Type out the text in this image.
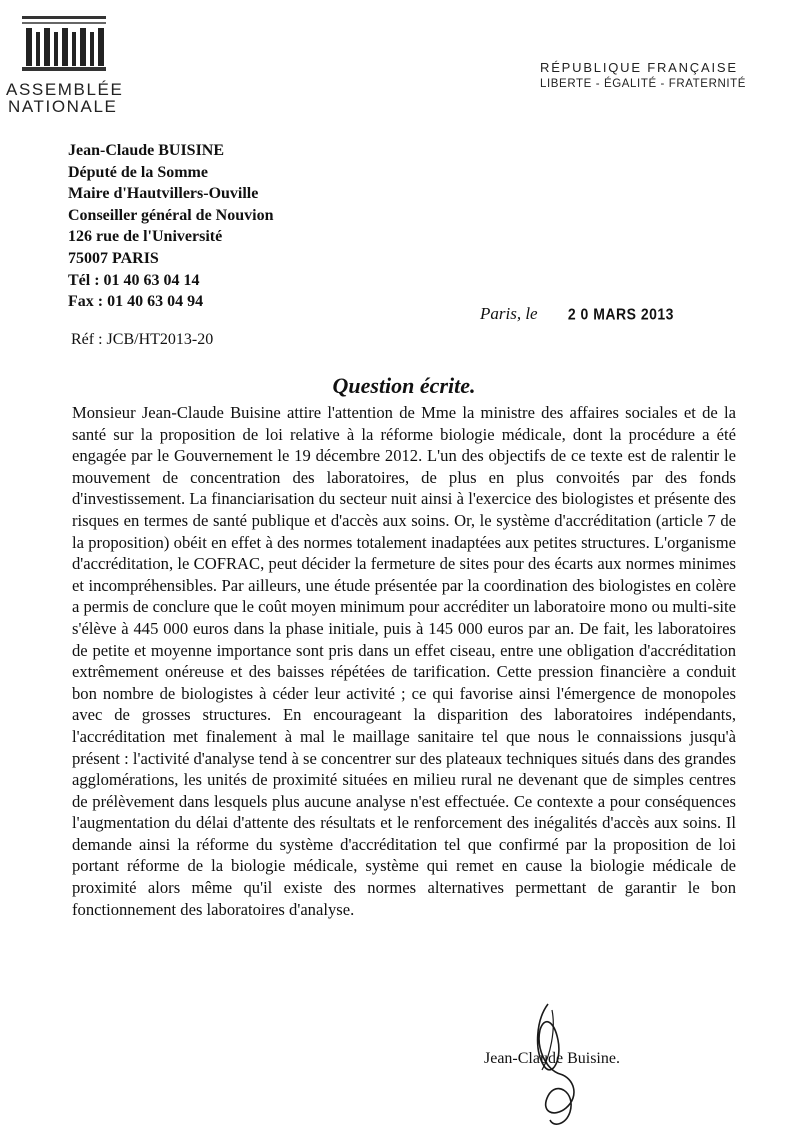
ASSEMBLÉE
NATIONALE
RÉPUBLIQUE FRANÇAISE
LIBERTE - ÉGALITÉ - FRATERNITÉ
Jean-Claude BUISINE
Député de la Somme
Maire d'Hautvillers-Ouville
Conseiller général de Nouvion
126 rue de l'Université
75007 PARIS
Tél : 01 40 63 04 14
Fax : 01 40 63 04 94
Paris, le 2 0 MARS 2013
Réf : JCB/HT2013-20
Question écrite.
Monsieur Jean-Claude Buisine attire l'attention de Mme la ministre des affaires sociales et de la santé sur la proposition de loi relative à la réforme biologie médicale, dont la procédure a été engagée par le Gouvernement le 19 décembre 2012. L'un des objectifs de ce texte est de ralentir le mouvement de concentration des laboratoires, de plus en plus convoités par des fonds d'investissement. La financiarisation du secteur nuit ainsi à l'exercice des biologistes et présente des risques en termes de santé publique et d'accès aux soins. Or, le système d'accréditation (article 7 de la proposition) obéit en effet à des normes totalement inadaptées aux petites structures. L'organisme d'accréditation, le COFRAC, peut décider la fermeture de sites pour des écarts aux normes minimes et incompréhensibles. Par ailleurs, une étude présentée par la coordination des biologistes en colère a permis de conclure que le coût moyen minimum pour accréditer un laboratoire mono ou multi-site s'élève à 445 000 euros dans la phase initiale, puis à 145 000 euros par an. De fait, les laboratoires de petite et moyenne importance sont pris dans un effet ciseau, entre une obligation d'accréditation extrêmement onéreuse et des baisses répétées de tarification. Cette pression financière a conduit bon nombre de biologistes à céder leur activité ; ce qui favorise ainsi l'émergence de monopoles avec de grosses structures. En encourageant la disparition des laboratoires indépendants, l'accréditation met finalement à mal le maillage sanitaire tel que nous le connaissions jusqu'à présent : l'activité d'analyse tend à se concentrer sur des plateaux techniques situés dans des grandes agglomérations, les unités de proximité situées en milieu rural ne devenant que de simples centres de prélèvement dans lesquels plus aucune analyse n'est effectuée. Ce contexte a pour conséquences l'augmentation du délai d'attente des résultats et le renforcement des inégalités d'accès aux soins. Il demande ainsi la réforme du système d'accréditation tel que confirmé par la proposition de loi portant réforme de la biologie médicale, système qui remet en cause la biologie médicale de proximité alors même qu'il existe des normes alternatives permettant de garantir le bon fonctionnement des laboratoires d'analyse.
Jean-Claude Buisine.
